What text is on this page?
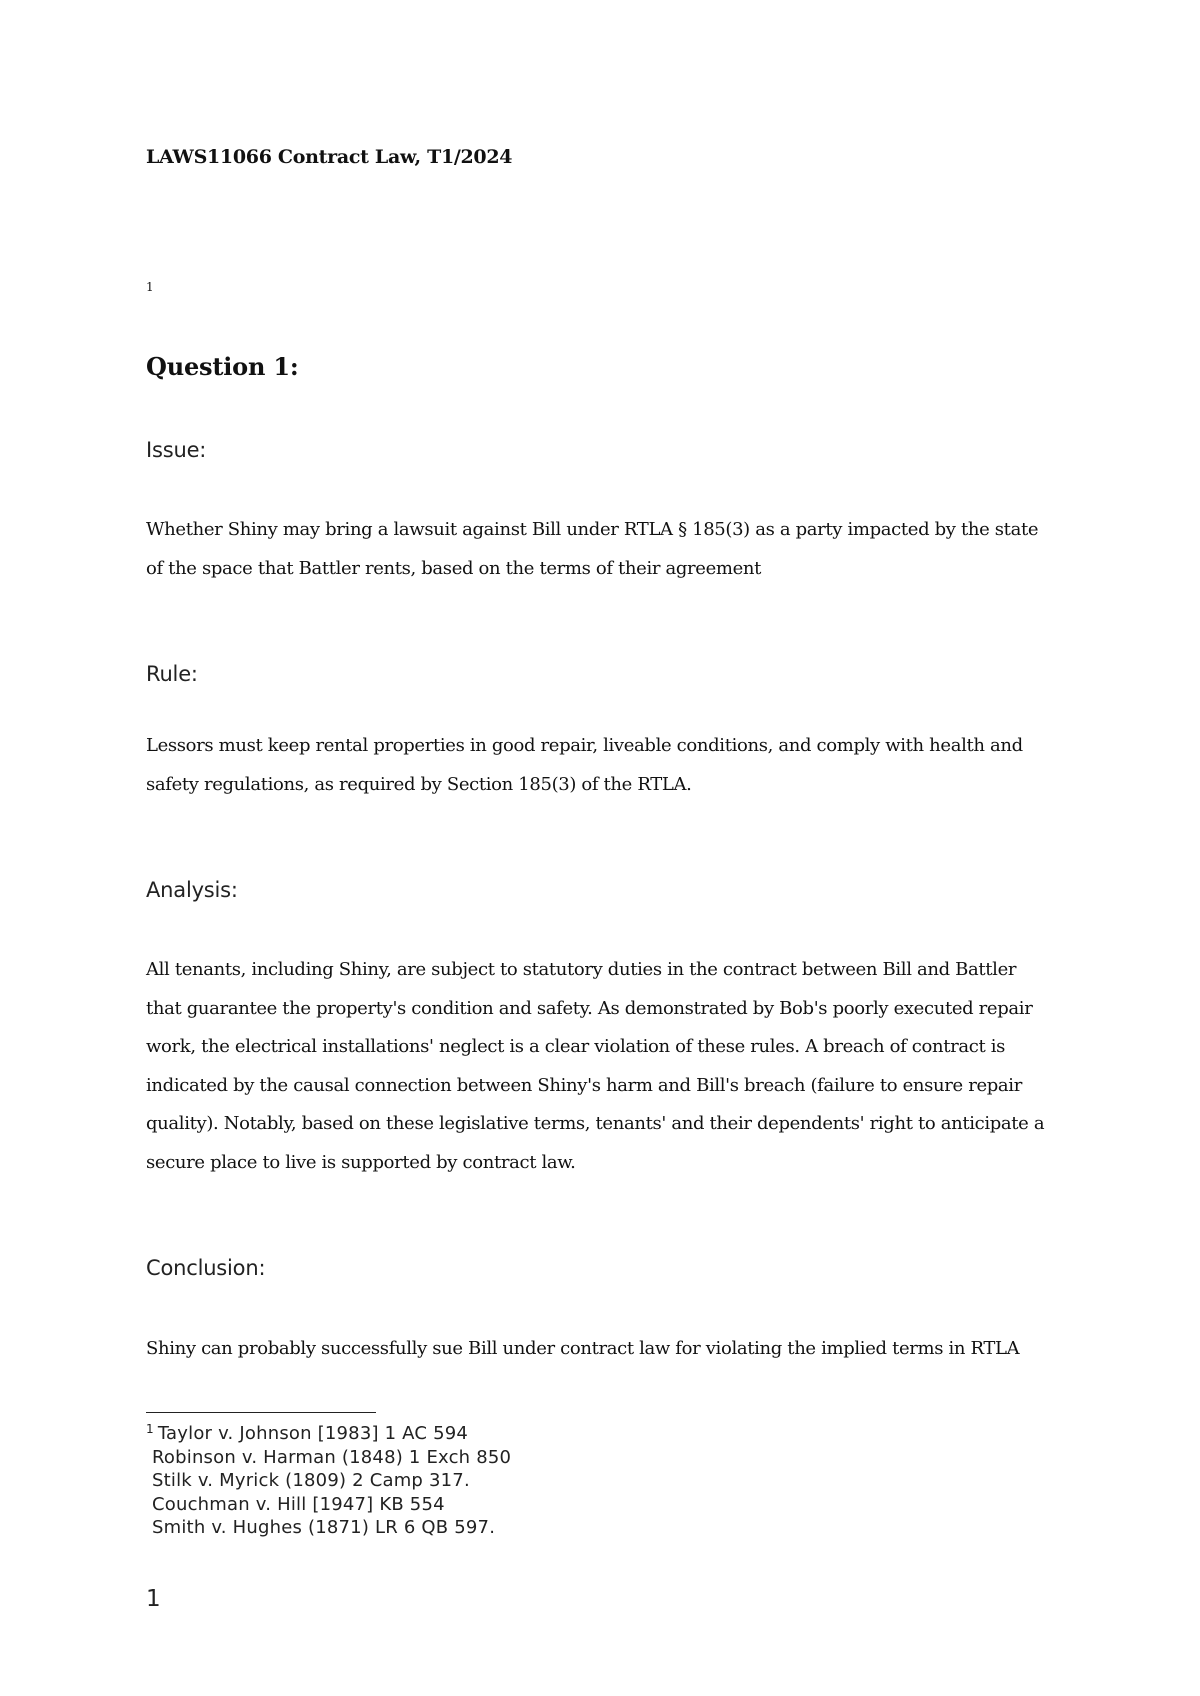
LAWS11066 Contract Law, T1/2024
1
Question 1:
Issue:
Whether Shiny may bring a lawsuit against Bill under RTLA § 185(3) as a party impacted by the state
of the space that Battler rents, based on the terms of their agreement
Rule:
Lessors must keep rental properties in good repair, liveable conditions, and comply with health and
safety regulations, as required by Section 185(3) of the RTLA.
Analysis:
All tenants, including Shiny, are subject to statutory duties in the contract between Bill and Battler
that guarantee the property's condition and safety. As demonstrated by Bob's poorly executed repair
work, the electrical installations' neglect is a clear violation of these rules. A breach of contract is
indicated by the causal connection between Shiny's harm and Bill's breach (failure to ensure repair
quality). Notably, based on these legislative terms, tenants' and their dependents' right to anticipate a
secure place to live is supported by contract law.
Conclusion:
Shiny can probably successfully sue Bill under contract law for violating the implied terms in RTLA
$^1$ Taylor v. Johnson [1983] 1 AC 594
Robinson v. Harman (1848) 1 Exch 850
Stilk v. Myrick (1809) 2 Camp 317.
Couchman v. Hill [1947] KB 554
Smith v. Hughes (1871) LR 6 QB 597.
1
